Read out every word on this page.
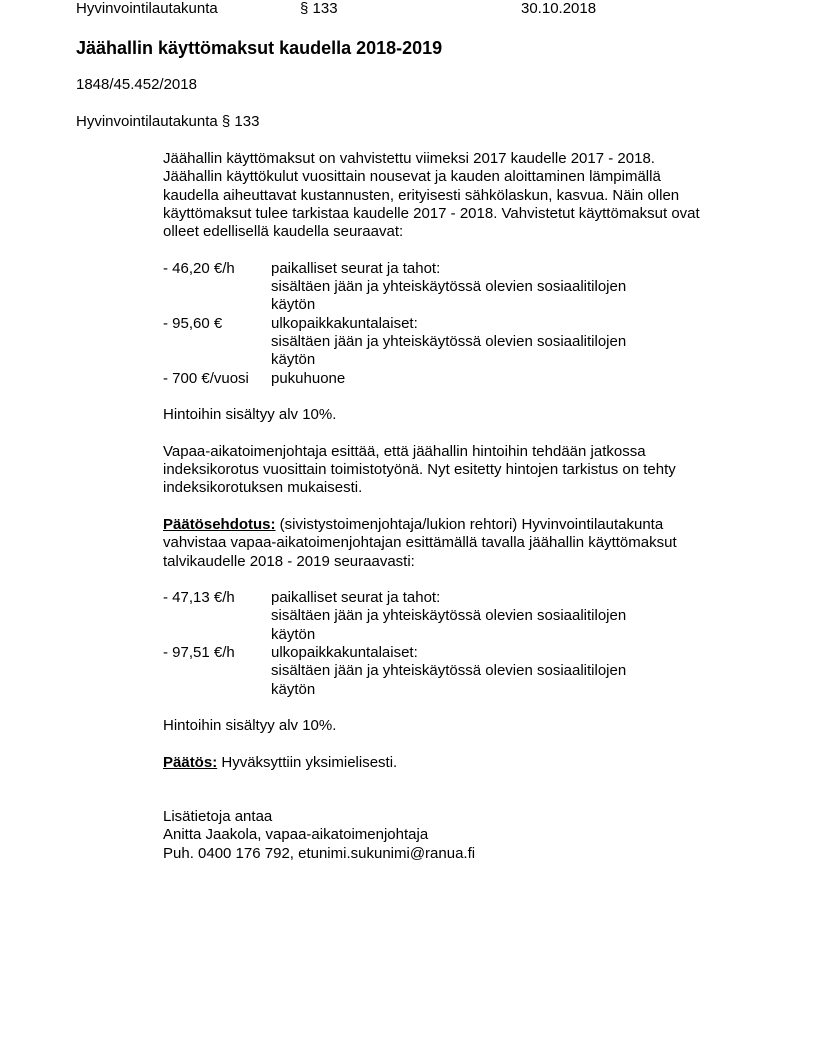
Hyvinvointilautakunta	§ 133	30.10.2018
Jäähallin käyttömaksut kaudella 2018-2019
1848/45.452/2018
Hyvinvointilautakunta § 133

Jäähallin käyttömaksut on vahvistettu viimeksi 2017 kaudelle 2017 - 2018.
Jäähallin käyttökulut vuosittain nousevat ja kauden aloittaminen lämpimällä
kaudella aiheuttavat kustannusten, erityisesti sähkölaskun, kasvua. Näin ollen
käyttömaksut tulee tarkistaa kaudelle 2017 - 2018. Vahvistetut käyttömaksut ovat
olleet edellisellä kaudella seuraavat:

- 46,20 €/h	paikalliset seurat ja tahot:
sisältäen jään ja yhteiskäytössä olevien sosiaalitilojen
käytön
- 95,60 €	ulkopaikkakuntalaiset:
sisältäen jään ja yhteiskäytössä olevien sosiaalitilojen
käytön
- 700 €/vuosi	pukuhuone

Hintoihin sisältyy alv 10%.

Vapaa-aikatoimenjohtaja esittää, että jäähallin hintoihin tehdään jatkossa
indeksikorotus vuosittain toimistotyönä. Nyt esitetty hintojen tarkistus on tehty
indeksikorotuksen mukaisesti.

Päätösehdotus: (sivistystoimenjohtaja/lukion rehtori) Hyvinvointilautakunta
vahvistaa vapaa-aikatoimenjohtajan esittämällä tavalla jäähallin käyttömaksut
talvikaudelle 2018 - 2019 seuraavasti:

- 47,13 €/h	paikalliset seurat ja tahot:
sisältäen jään ja yhteiskäytössä olevien sosiaalitilojen
käytön
- 97,51 €/h	ulkopaikkakuntalaiset:
sisältäen jään ja yhteiskäytössä olevien sosiaalitilojen
käytön

Hintoihin sisältyy alv 10%.

Päätös: Hyväksyttiin yksimielisesti.

Lisätietoja antaa
Anitta Jaakola, vapaa-aikatoimenjohtaja
Puh. 0400 176 792, etunimi.sukunimi@ranua.fi
